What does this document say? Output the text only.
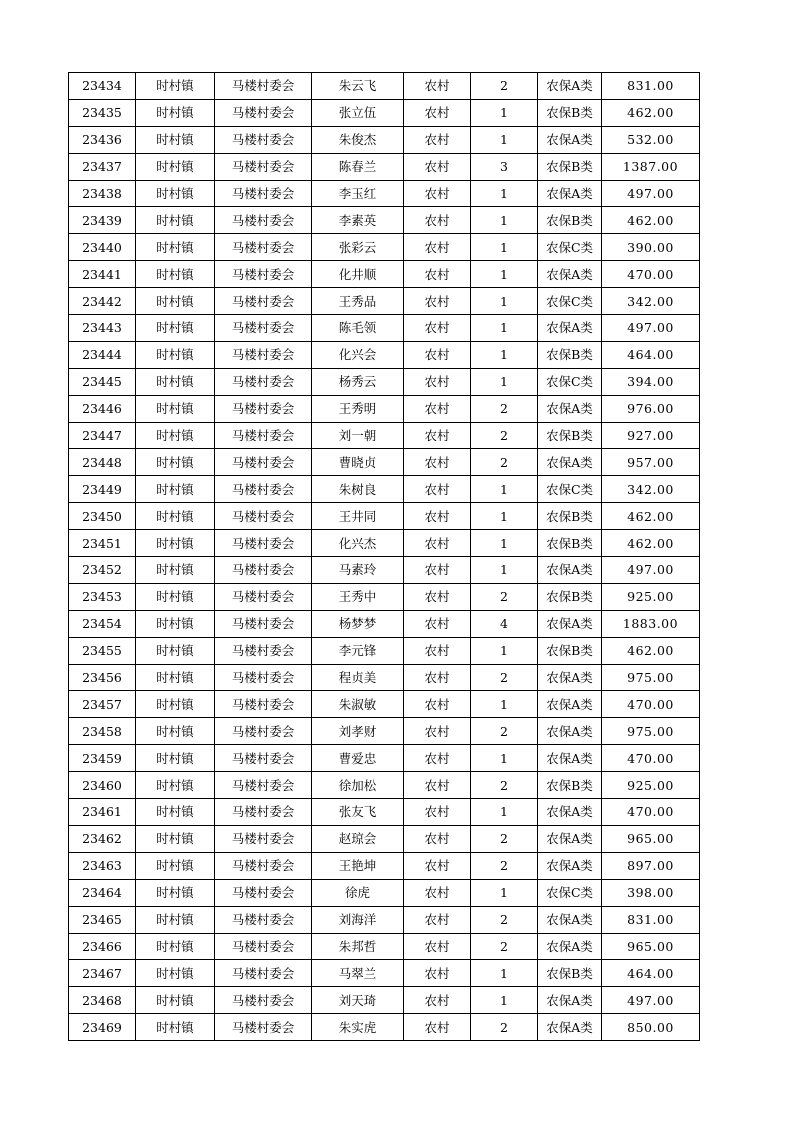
23434	时村镇	马楼村委会	朱云飞	农村	2	农保A类	831.00
23435	时村镇	马楼村委会	张立伍	农村	1	农保B类	462.00
23436	时村镇	马楼村委会	朱俊杰	农村	1	农保A类	532.00
23437	时村镇	马楼村委会	陈春兰	农村	3	农保B类	1387.00
23438	时村镇	马楼村委会	李玉红	农村	1	农保A类	497.00
23439	时村镇	马楼村委会	李素英	农村	1	农保B类	462.00
23440	时村镇	马楼村委会	张彩云	农村	1	农保C类	390.00
23441	时村镇	马楼村委会	化井顺	农村	1	农保A类	470.00
23442	时村镇	马楼村委会	王秀品	农村	1	农保C类	342.00
23443	时村镇	马楼村委会	陈毛领	农村	1	农保A类	497.00
23444	时村镇	马楼村委会	化兴会	农村	1	农保B类	464.00
23445	时村镇	马楼村委会	杨秀云	农村	1	农保C类	394.00
23446	时村镇	马楼村委会	王秀明	农村	2	农保A类	976.00
23447	时村镇	马楼村委会	刘一朝	农村	2	农保B类	927.00
23448	时村镇	马楼村委会	曹晓贞	农村	2	农保A类	957.00
23449	时村镇	马楼村委会	朱树良	农村	1	农保C类	342.00
23450	时村镇	马楼村委会	王井同	农村	1	农保B类	462.00
23451	时村镇	马楼村委会	化兴杰	农村	1	农保B类	462.00
23452	时村镇	马楼村委会	马素玲	农村	1	农保A类	497.00
23453	时村镇	马楼村委会	王秀中	农村	2	农保B类	925.00
23454	时村镇	马楼村委会	杨梦梦	农村	4	农保A类	1883.00
23455	时村镇	马楼村委会	李元锋	农村	1	农保B类	462.00
23456	时村镇	马楼村委会	程贞美	农村	2	农保A类	975.00
23457	时村镇	马楼村委会	朱淑敏	农村	1	农保A类	470.00
23458	时村镇	马楼村委会	刘孝财	农村	2	农保A类	975.00
23459	时村镇	马楼村委会	曹爱忠	农村	1	农保A类	470.00
23460	时村镇	马楼村委会	徐加松	农村	2	农保B类	925.00
23461	时村镇	马楼村委会	张友飞	农村	1	农保A类	470.00
23462	时村镇	马楼村委会	赵琼会	农村	2	农保A类	965.00
23463	时村镇	马楼村委会	王艳坤	农村	2	农保A类	897.00
23464	时村镇	马楼村委会	徐虎	农村	1	农保C类	398.00
23465	时村镇	马楼村委会	刘海洋	农村	2	农保A类	831.00
23466	时村镇	马楼村委会	朱邦哲	农村	2	农保A类	965.00
23467	时村镇	马楼村委会	马翠兰	农村	1	农保B类	464.00
23468	时村镇	马楼村委会	刘天琦	农村	1	农保A类	497.00
23469	时村镇	马楼村委会	朱实虎	农村	2	农保A类	850.00
